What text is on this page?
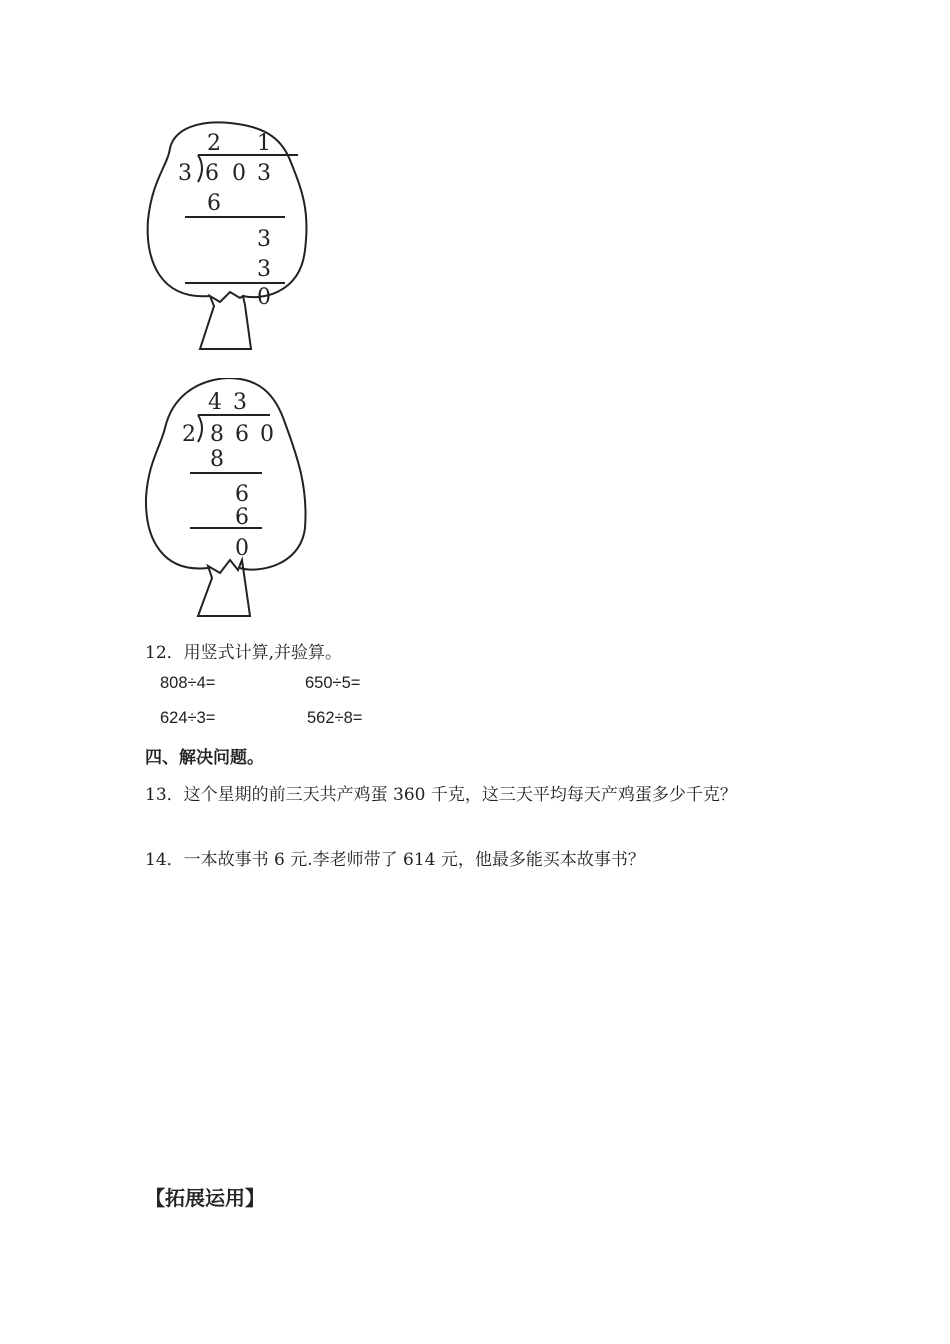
2 1
3 6 0 3
6
3
3
0
4 3
2 8 6 0
8
6
6
0
12．用竖式计算,并验算。
808÷4=	650÷5=
624÷3=	562÷8=
四、解决问题。
13．这个星期的前三天共产鸡蛋 360 千克，这三天平均每天产鸡蛋多少千克？
14．一本故事书 6 元.李老师带了 614 元，他最多能买本故事书？
【拓展运用】
